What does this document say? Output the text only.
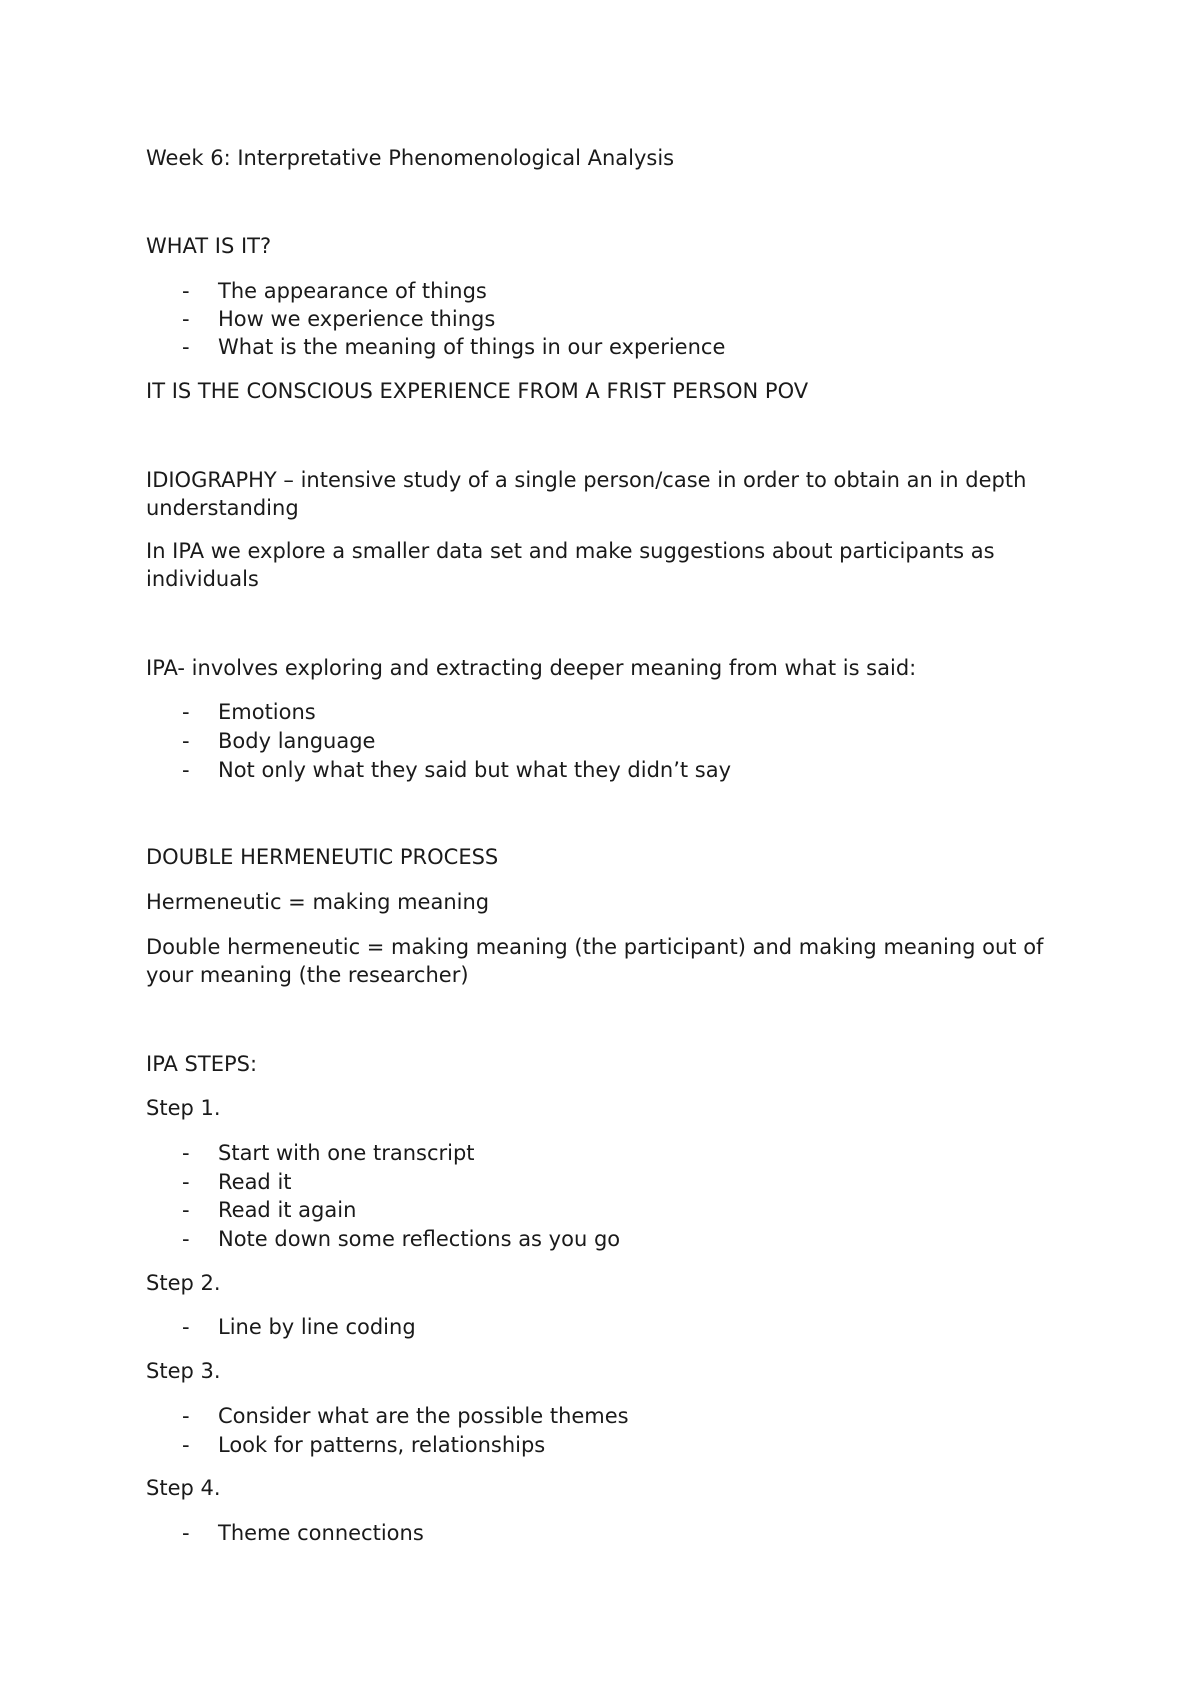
Week 6: Interpretative Phenomenological Analysis

WHAT IS IT?

- The appearance of things

- How we experience things

- What is the meaning of things in our experience

IT IS THE CONSCIOUS EXPERIENCE FROM A FRIST PERSON POV

IDIOGRAPHY – intensive study of a single person/case in order to obtain an in depth understanding

In IPA we explore a smaller data set and make suggestions about participants as individuals

IPA- involves exploring and extracting deeper meaning from what is said:

- Emotions

- Body language

- Not only what they said but what they didn’t say

DOUBLE HERMENEUTIC PROCESS

Hermeneutic = making meaning

Double hermeneutic = making meaning (the participant) and making meaning out of your meaning (the researcher)

IPA STEPS:

Step 1.

- Start with one transcript

- Read it

- Read it again

- Note down some reflections as you go

Step 2.

- Line by line coding

Step 3.

- Consider what are the possible themes

- Look for patterns, relationships

Step 4.

- Theme connections
